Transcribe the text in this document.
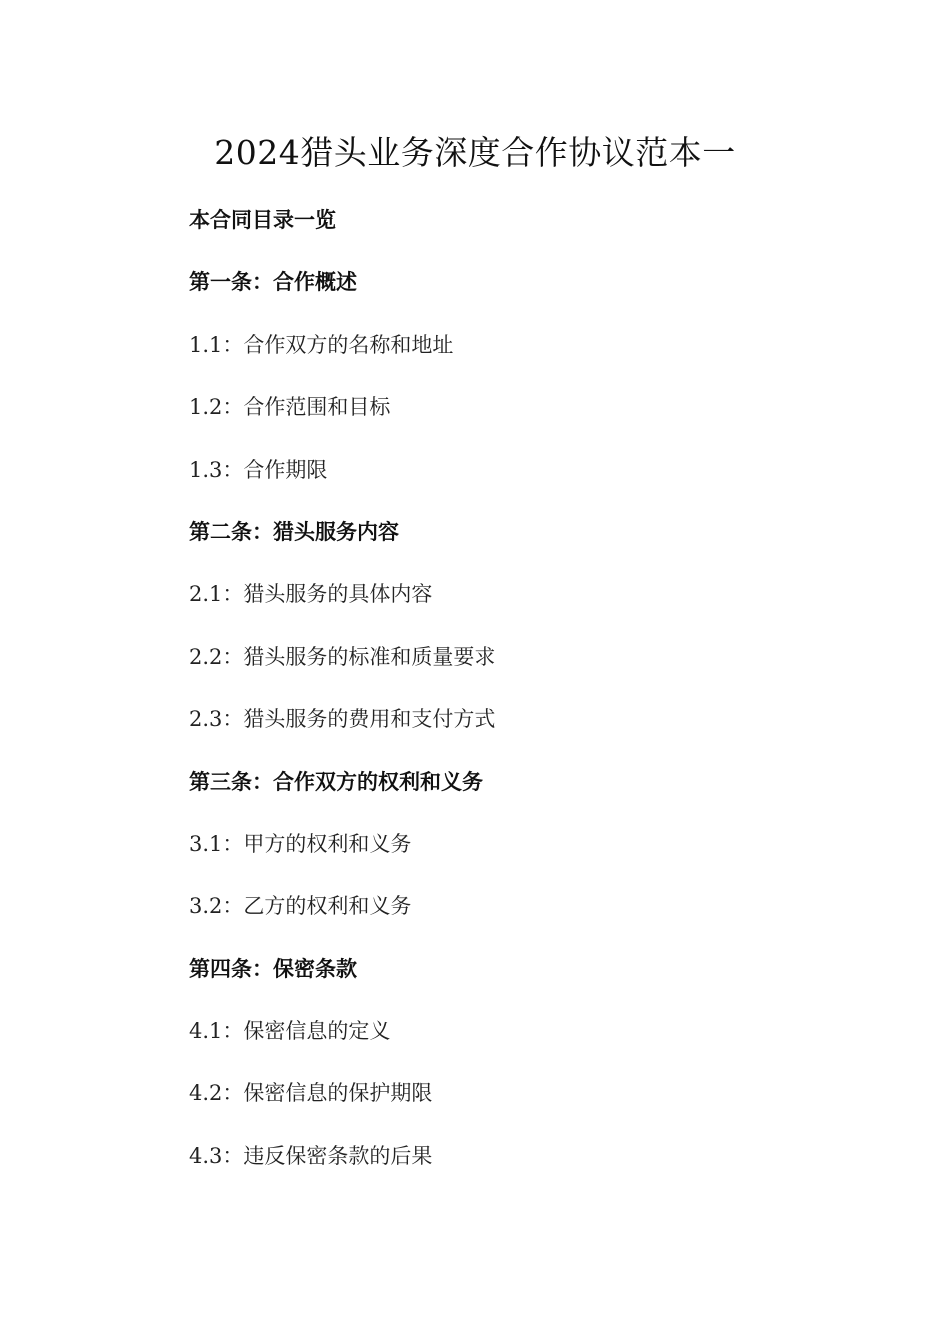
2024猎头业务深度合作协议范本一
本合同目录一览
第一条：合作概述
1.1：合作双方的名称和地址
1.2：合作范围和目标
1.3：合作期限
第二条：猎头服务内容
2.1：猎头服务的具体内容
2.2：猎头服务的标准和质量要求
2.3：猎头服务的费用和支付方式
第三条：合作双方的权利和义务
3.1：甲方的权利和义务
3.2：乙方的权利和义务
第四条：保密条款
4.1：保密信息的定义
4.2：保密信息的保护期限
4.3：违反保密条款的后果
